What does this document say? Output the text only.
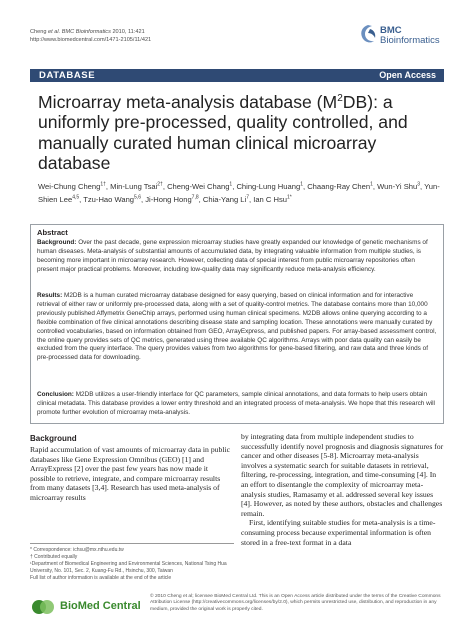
Cheng et al. BMC Bioinformatics 2010, 11:421
http://www.biomedcentral.com/1471-2105/11/421
BMC
Bioinformatics
DATABASE	Open Access
Microarray meta-analysis database $(M^2DB)$: a uniformly pre-processed, quality controlled, and manually curated human clinical microarray database
Wei-Chung Cheng$^{1\dagger}$, Min-Lung Tsai$^{2\dagger}$, Cheng-Wei Chang$^1$, Ching-Lung Huang$^1$, Chaang-Ray Chen$^1$, Wun-Yi Shu$^3$, Yun-Shien Lee$^{4,5}$, Tzu-Hao Wang$^{5,6}$, Ji-Hong Hong$^{7,8}$, Chia-Yang Li$^7$, Ian C Hsu$^{1*}$
Abstract
Background: Over the past decade, gene expression microarray studies have greatly expanded our knowledge of genetic mechanisms of human diseases. Meta-analysis of substantial amounts of accumulated data, by integrating valuable information from multiple studies, is becoming more important in microarray research. However, collecting data of special interest from public microarray repositories often present major practical problems. Moreover, including low-quality data may significantly reduce meta-analysis efficiency.
Results: M2DB is a human curated microarray database designed for easy querying, based on clinical information and for interactive retrieval of either raw or uniformly pre-processed data, along with a set of quality-control metrics. The database contains more than 10,000 previously published Affymetrix GeneChip arrays, performed using human clinical specimens. M2DB allows online querying according to a flexible combination of five clinical annotations describing disease state and sampling location. These annotations were manually curated by controlled vocabularies, based on information obtained from GEO, ArrayExpress, and published papers. For array-based assessment control, the online query provides sets of QC metrics, generated using three available QC algorithms. Arrays with poor data quality can easily be excluded from the query interface. The query provides values from two algorithms for gene-based filtering, and raw data and three kinds of pre-processed data for downloading.
Conclusion: M2DB utilizes a user-friendly interface for QC parameters, sample clinical annotations, and data formats to help users obtain clinical metadata. This database provides a lower entry threshold and an integrated process of meta-analysis. We hope that this research will promote further evolution of microarray meta-analysis.
Background
Rapid accumulation of vast amounts of microarray data in public databases like Gene Expression Omnibus (GEO) [1] and ArrayExpress [2] over the past few years has now made it possible to retrieve, integrate, and compare microarray results from many datasets [3,4]. Research has used meta-analysis of microarray results
* Correspondence: ichsu@mx.nthu.edu.tw
† Contributed equally
¹Department of Biomedical Engineering and Environmental Sciences, National Tsing Hua University, No. 101, Sec. 2, Kuang-Fu Rd., Hsinchu, 300, Taiwan
Full list of author information is available at the end of the article
by integrating data from multiple independent studies to successfully identify novel prognosis and diagnosis signatures for cancer and other diseases [5-8]. Microarray meta-analysis involves a systematic search for suitable datasets in retrieval, filtering, re-processing, integration, and time-consuming [4]. In an effort to disentangle the complexity of microarray meta-analysis studies, Ramasamy et al. addressed several key issues [4]. However, as noted by these authors, obstacles and challenges remain.
First, identifying suitable studies for meta-analysis is a time-consuming process because experimental information is often stored in a free-text format in a data
BioMed Central
© 2010 Cheng et al; licensee BioMed Central Ltd. This is an Open Access article distributed under the terms of the Creative Commons Attribution License (http://creativecommons.org/licenses/by/2.0), which permits unrestricted use, distribution, and reproduction in any medium, provided the original work is properly cited.
